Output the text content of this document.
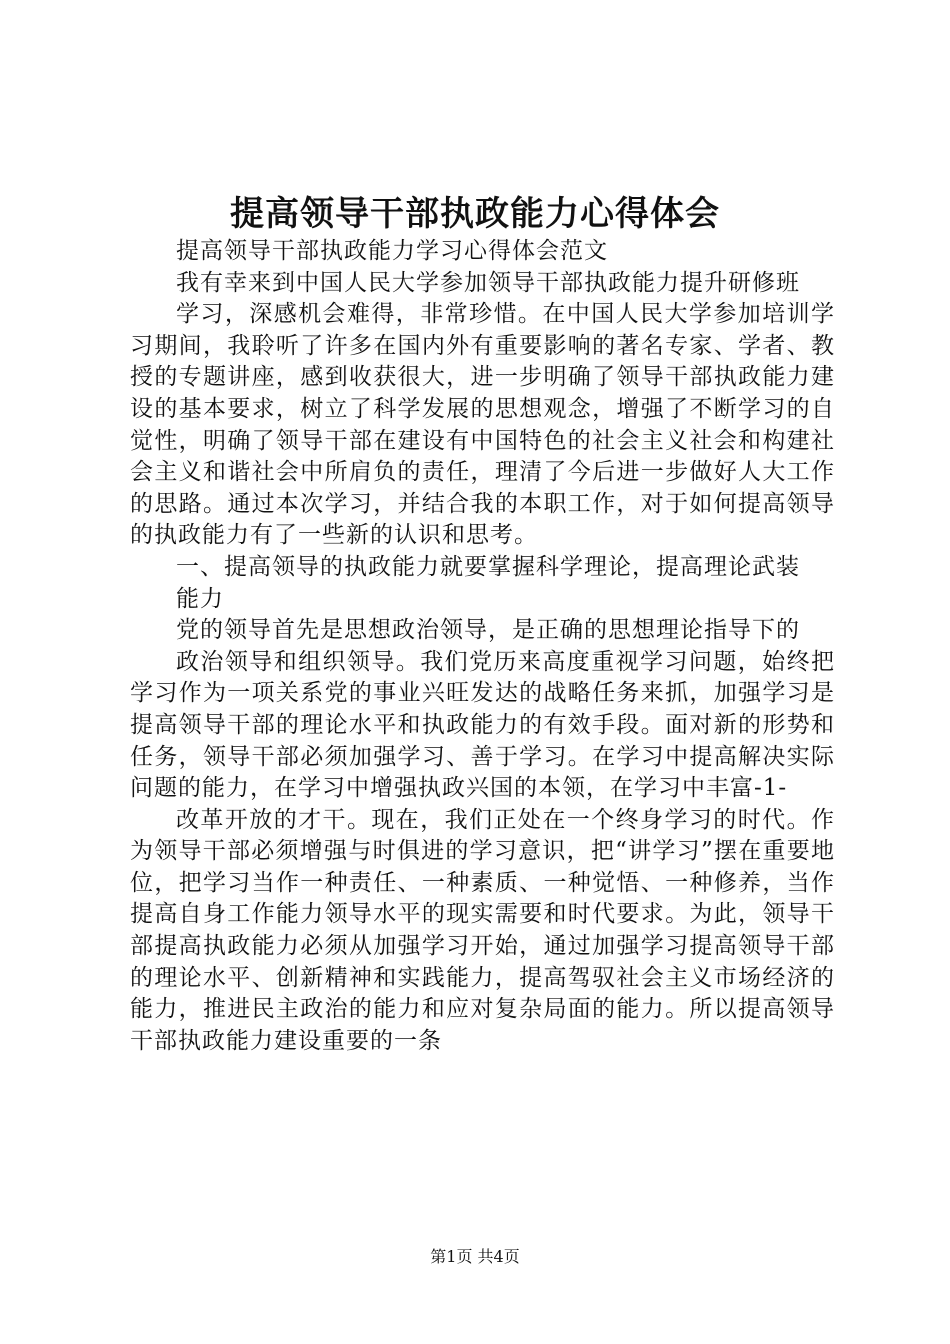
提高领导干部执政能力心得体会

提高领导干部执政能力学习心得体会范文

我有幸来到中国人民大学参加领导干部执政能力提升研修班

学习，深感机会难得，非常珍惜。在中国人民大学参加培训学习期间，我聆听了许多在国内外有重要影响的著名专家、学者、教授的专题讲座，感到收获很大，进一步明确了领导干部执政能力建设的基本要求，树立了科学发展的思想观念，增强了不断学习的自觉性，明确了领导干部在建设有中国特色的社会主义社会和构建社会主义和谐社会中所肩负的责任，理清了今后进一步做好人大工作的思路。通过本次学习，并结合我的本职工作，对于如何提高领导的执政能力有了一些新的认识和思考。

一、提高领导的执政能力就要掌握科学理论，提高理论武装

能力

党的领导首先是思想政治领导，是正确的思想理论指导下的

政治领导和组织领导。我们党历来高度重视学习问题，始终把学习作为一项关系党的事业兴旺发达的战略任务来抓，加强学习是提高领导干部的理论水平和执政能力的有效手段。面对新的形势和任务，领导干部必须加强学习、善于学习。在学习中提高解决实际问题的能力，在学习中增强执政兴国的本领，在学习中丰富-1-

改革开放的才干。现在，我们正处在一个终身学习的时代。作为领导干部必须增强与时俱进的学习意识，把“讲学习”摆在重要地位，把学习当作一种责任、一种素质、一种觉悟、一种修养，当作提高自身工作能力领导水平的现实需要和时代要求。为此，领导干部提高执政能力必须从加强学习开始，通过加强学习提高领导干部的理论水平、创新精神和实践能力，提高驾驭社会主义市场经济的能力，推进民主政治的能力和应对复杂局面的能力。所以提高领导干部执政能力建设重要的一条

第1页 共4页
